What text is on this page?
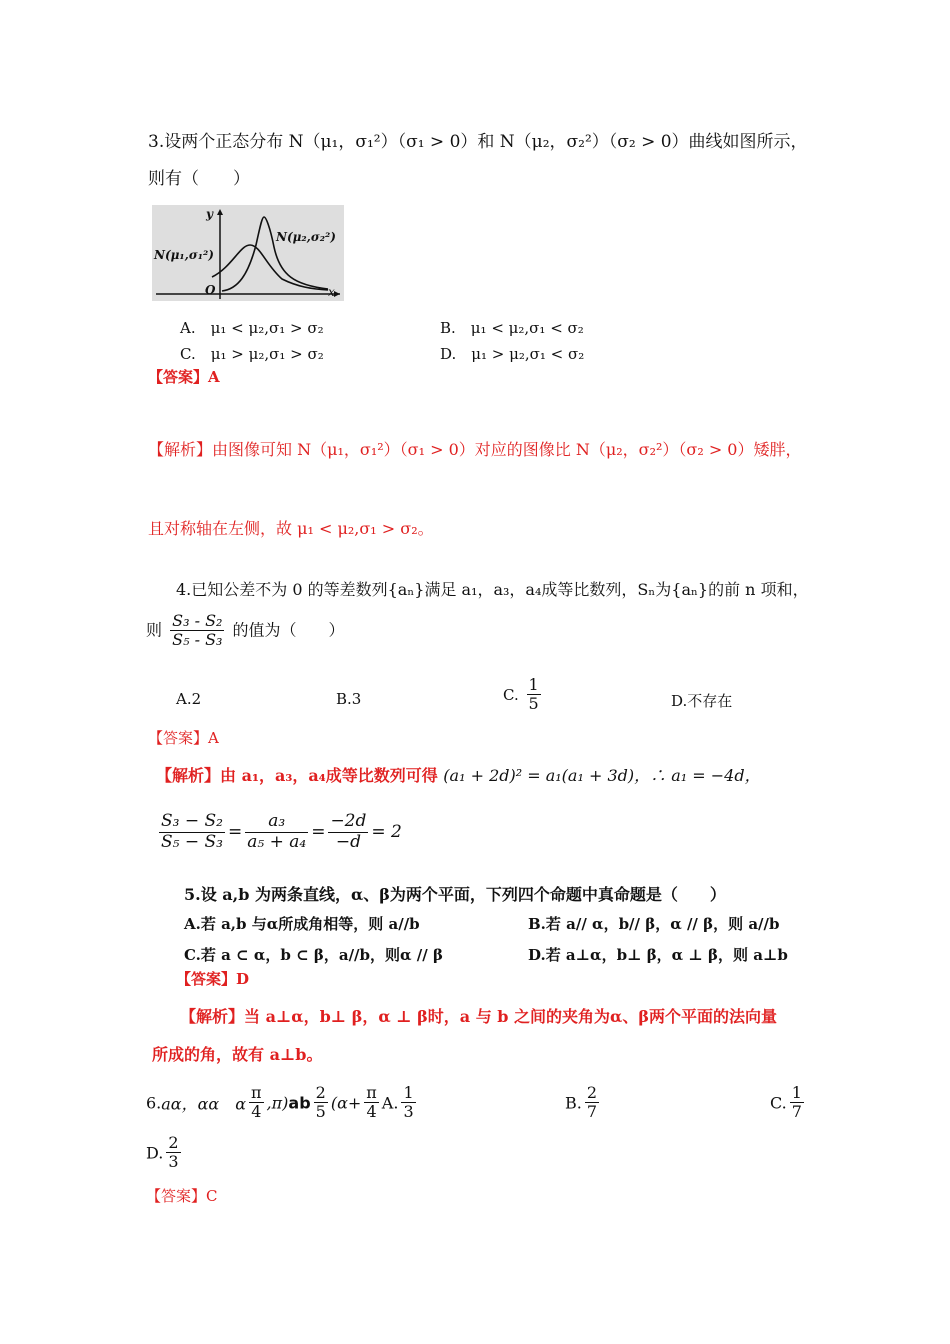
3.设两个正态分布 N（μ₁，σ₁²）（σ₁ > 0）和 N（μ₂，σ₂²）（σ₂ > 0）曲线如图所示，
则有（　　）
y
x
O
N(μ₁,σ₁²)
N(μ₂,σ₂²)
A.　μ₁ < μ₂,σ₁ > σ₂	B.　μ₁ < μ₂,σ₁ < σ₂
C.　μ₁ > μ₂,σ₁ > σ₂	D.　μ₁ > μ₂,σ₁ < σ₂
【答案】A
【解析】由图像可知 N（μ₁，σ₁²）（σ₁ > 0）对应的图像比 N（μ₂，σ₂²）（σ₂ > 0）矮胖，
且对称轴在左侧，故 μ₁ < μ₂,σ₁ > σ₂。
4.已知公差不为 0 的等差数列{aₙ}满足 a₁，a₃，a₄成等比数列，Sₙ为{aₙ}的前 n 项和，
则 $\frac{\text{S₃ - S₂}}{\text{S₅ - S₃}}$ 的值为（　　）
A.2	B.3	C. $\frac{1}{5}$	D.不存在
【答案】A
【解析】由 a₁，a₃，a₄成等比数列可得 (a₁ + 2d)² = a₁(a₁ + 3d)，∴ a₁ = −4d，
$\frac{\text{S₃ − S₂}}{\text{S₅ − S₃}} = \frac{\text{a₃}}{\text{a₅ + a₄}} = \frac{-2d}{-d} = 2$
5.设 a,b 为两条直线，α、β为两个平面，下列四个命题中真命题是（　　）
A.若 a,b 与α所成角相等，则 a//b	B.若 a// α，b// β，α // β，则 a//b
C.若 a ⊂ α，b ⊂ β，a//b，则α // β	D.若 a⊥α，b⊥ β，α ⊥ β，则 a⊥b
【答案】D
【解析】当 a⊥α，b⊥ β，α ⊥ β时，a 与 b 之间的夹角为α、β两个平面的法向量
所成的角，故有 a⊥b。
6.aα，αα　α $\frac{\pi}{4} ,\pi)ab \frac{2}{5} (\alpha+ \frac{\pi}{4} A$. $\frac{1}{3}$	B. $\frac{2}{7}$	C. $\frac{1}{7}$
D. $\frac{2}{3}$
【答案】C
